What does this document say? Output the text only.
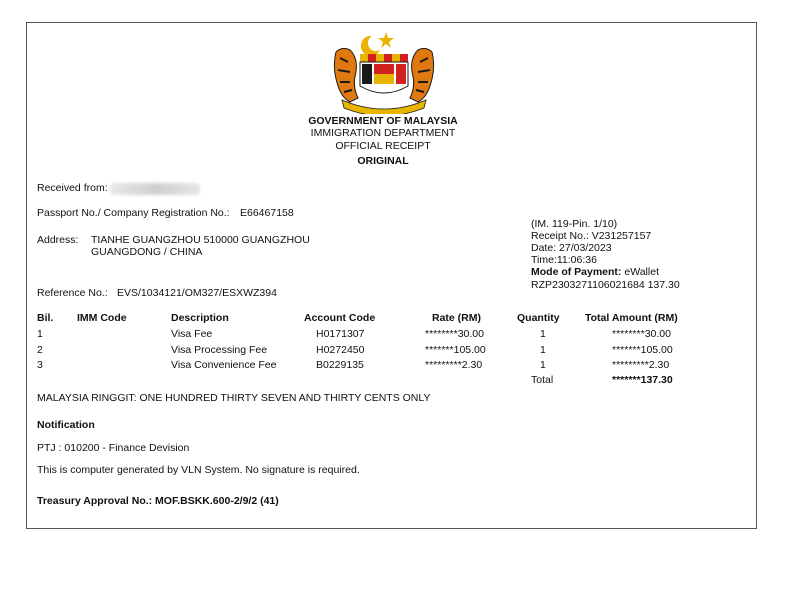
GOVERNMENT OF MALAYSIA
IMMIGRATION DEPARTMENT
OFFICIAL RECEIPT
ORIGINAL
Received from:
Passport No./ Company Registration No.: E66467158
Address: TIANHE GUANGZHOU 510000 GUANGZHOU
GUANGDONG / CHINA
Reference No.: EVS/1034121/OM327/ESXWZ394
(IM. 119-Pin. 1/10)
Receipt No.: V231257157
Date: 27/03/2023
Time:11:06:36
Mode of Payment: eWallet
RZP2303271106021684 137.30
Bil. IMM Code	Description	Account Code	Rate (RM)	Quantity Total Amount (RM)
1	Visa Fee	H0171307	********30.00	1	********30.00
2	Visa Processing Fee	H0272450	*******105.00	1	*******105.00
3	Visa Convenience Fee	B0229135	*********2.30	1	*********2.30
Total	*******137.30
MALAYSIA RINGGIT: ONE HUNDRED THIRTY SEVEN AND THIRTY CENTS ONLY
Notification
PTJ : 010200 - Finance Devision
This is computer generated by VLN System. No signature is required.
Treasury Approval No.: MOF.BSKK.600-2/9/2 (41)
